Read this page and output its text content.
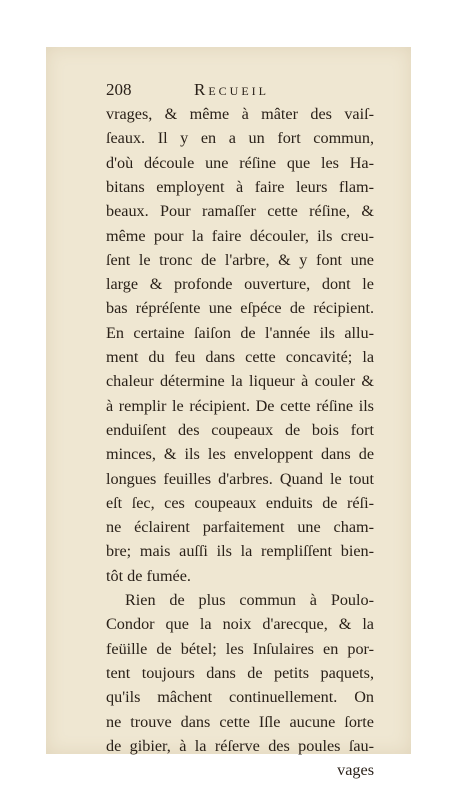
208	Recueil
vrages, & même à mâter des vaiſ-
ſeaux. Il y en a un fort commun,
d'où découle une réſine que les Ha-
bitans employent à faire leurs flam-
beaux. Pour ramaſſer cette réſine, &
même pour la faire découler, ils creu-
ſent le tronc de l'arbre, & y font une
large & profonde ouverture, dont le
bas répréſente une eſpéce de récipient.
En certaine ſaiſon de l'année ils allu-
ment du feu dans cette concavité; la
chaleur détermine la liqueur à couler &
à remplir le récipient. De cette réſine ils
enduiſent des coupeaux de bois fort
minces, & ils les enveloppent dans de
longues feuilles d'arbres. Quand le tout
eſt ſec, ces coupeaux enduits de réſi-
ne éclairent parfaitement une cham-
bre; mais auſſi ils la rempliſſent bien-
tôt de fumée.
Rien de plus commun à Poulo-
Condor que la noix d'arecque, & la
feüille de bétel; les Inſulaires en por-
tent toujours dans de petits paquets,
qu'ils mâchent continuellement. On
ne trouve dans cette Iſle aucune ſorte
de gibier, à la réſerve des poules ſau-
vages
